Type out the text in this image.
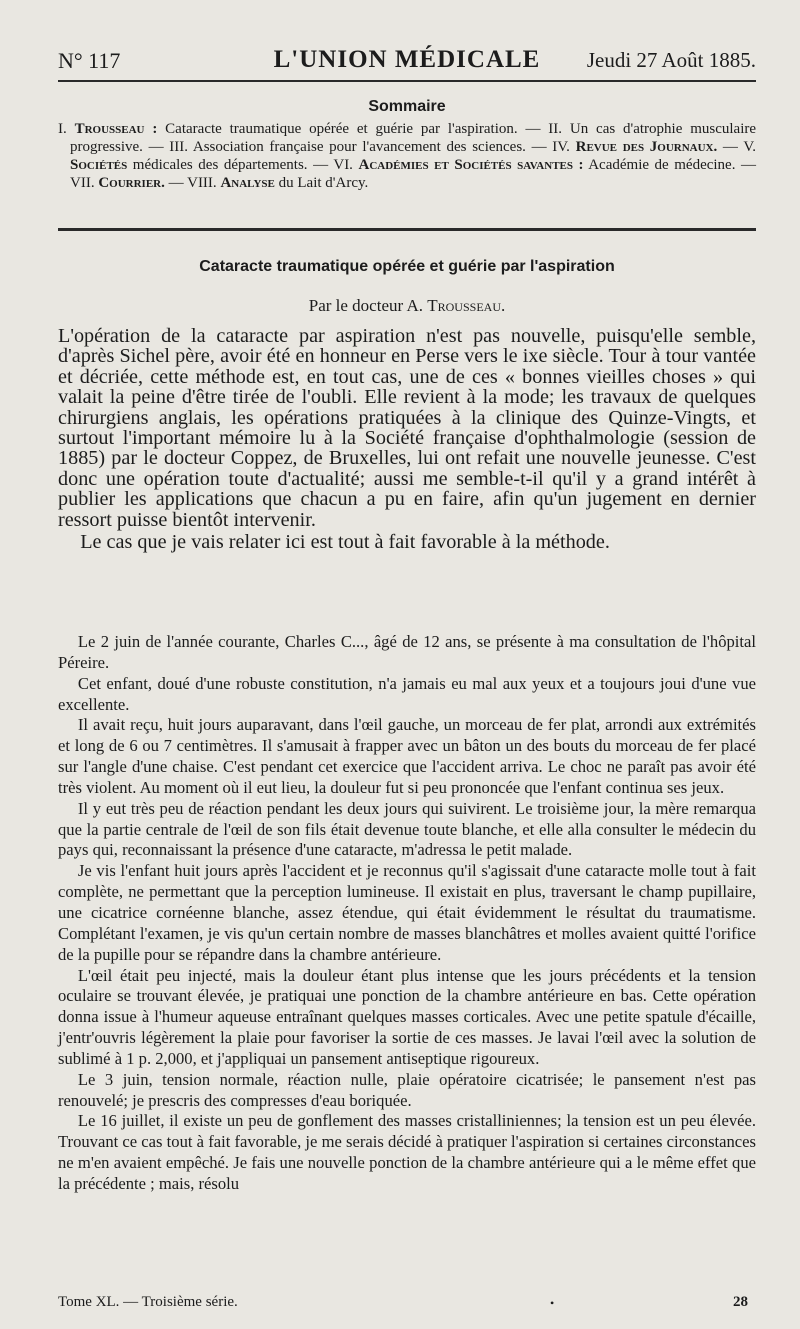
N° 117	L'UNION MÉDICALE	Jeudi 27 Août 1885.
Sommaire
I. Trousseau : Cataracte traumatique opérée et guérie par l'aspiration. — II. Un cas d'atrophie musculaire progressive. — III. Association française pour l'avancement des sciences. — IV. Revue des Journaux. — V. Sociétés médicales des départements. — VI. Académies et Sociétés savantes : Académie de médecine. — VII. Courrier. — VIII. Analyse du Lait d'Arcy.
Cataracte traumatique opérée et guérie par l'aspiration
Par le docteur A. Trousseau.

L'opération de la cataracte par aspiration n'est pas nouvelle, puisqu'elle semble, d'après Sichel père, avoir été en honneur en Perse vers le ixe siècle. Tour à tour vantée et décriée, cette méthode est, en tout cas, une de ces « bonnes vieilles choses » qui valait la peine d'être tirée de l'oubli. Elle revient à la mode; les travaux de quelques chirurgiens anglais, les opérations pratiquées à la clinique des Quinze-Vingts, et surtout l'important mémoire lu à la Société française d'ophthalmologie (session de 1885) par le docteur Coppez, de Bruxelles, lui ont refait une nouvelle jeunesse. C'est donc une opération toute d'actualité; aussi me semble-t-il qu'il y a grand intérêt à publier les applications que chacun a pu en faire, afin qu'un jugement en dernier ressort puisse bientôt intervenir.

Le cas que je vais relater ici est tout à fait favorable à la méthode.

Le 2 juin de l'année courante, Charles C..., âgé de 12 ans, se présente à ma consultation de l'hôpital Péreire.

Cet enfant, doué d'une robuste constitution, n'a jamais eu mal aux yeux et a toujours joui d'une vue excellente.

Il avait reçu, huit jours auparavant, dans l'œil gauche, un morceau de fer plat, arrondi aux extrémités et long de 6 ou 7 centimètres. Il s'amusait à frapper avec un bâton un des bouts du morceau de fer placé sur l'angle d'une chaise. C'est pendant cet exercice que l'accident arriva. Le choc ne paraît pas avoir été très violent. Au moment où il eut lieu, la douleur fut si peu prononcée que l'enfant continua ses jeux.

Il y eut très peu de réaction pendant les deux jours qui suivirent. Le troisième jour, la mère remarqua que la partie centrale de l'œil de son fils était devenue toute blanche, et elle alla consulter le médecin du pays qui, reconnaissant la présence d'une cataracte, m'adressa le petit malade.

Je vis l'enfant huit jours après l'accident et je reconnus qu'il s'agissait d'une cataracte molle tout à fait complète, ne permettant que la perception lumineuse. Il existait en plus, traversant le champ pupillaire, une cicatrice cornéenne blanche, assez étendue, qui était évidemment le résultat du traumatisme. Complétant l'examen, je vis qu'un certain nombre de masses blanchâtres et molles avaient quitté l'orifice de la pupille pour se répandre dans la chambre antérieure.

L'œil était peu injecté, mais la douleur étant plus intense que les jours précédents et la tension oculaire se trouvant élevée, je pratiquai une ponction de la chambre antérieure en bas. Cette opération donna issue à l'humeur aqueuse entraînant quelques masses corticales. Avec une petite spatule d'écaille, j'entr'ouvris légèrement la plaie pour favoriser la sortie de ces masses. Je lavai l'œil avec la solution de sublimé à 1 p. 2,000, et j'appliquai un pansement antiseptique rigoureux.

Le 3 juin, tension normale, réaction nulle, plaie opératoire cicatrisée; le pansement n'est pas renouvelé; je prescris des compresses d'eau boriquée.

Le 16 juillet, il existe un peu de gonflement des masses cristalliniennes; la tension est un peu élevée. Trouvant ce cas tout à fait favorable, je me serais décidé à pratiquer l'aspiration si certaines circonstances ne m'en avaient empêché. Je fais une nouvelle ponction de la chambre antérieure qui a le même effet que la précédente ; mais, résolu

Tome XL. — Troisième série.	•	28
